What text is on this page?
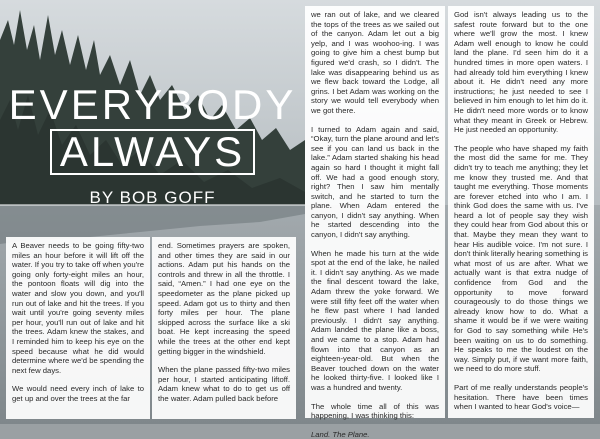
EVERYBODY
ALWAYS
BY BOB GOFF

A Beaver needs to be going fifty-two miles an hour before it will lift off the water. If you try to take off when you're going only forty-eight miles an hour, the pontoon floats will dig into the water and slow you down, and you'll run out of lake and hit the trees. If you wait until you're going seventy miles per hour, you'll run out of lake and hit the trees. Adam knew the stakes, and I reminded him to keep his eye on the speed because what he did would determine where we'd be spending the next few days.

We would need every inch of lake to get up and over the trees at the far

end. Sometimes prayers are spoken, and other times they are said in our actions. Adam put his hands on the controls and threw in all the throttle. I said, “Amen.” I had one eye on the speedometer as the plane picked up speed. Adam got us to thirty and then forty miles per hour. The plane skipped across the surface like a ski boat. He kept increasing the speed while the trees at the other end kept getting bigger in the windshield.

When the plane passed fifty-two miles per hour, I started anticipating liftoff. Adam knew what to do to get us off the water. Adam pulled back before

we ran out of lake, and we cleared the tops of the trees as we sailed out of the canyon. Adam let out a big yelp, and I was woohoo-ing. I was going to give him a chest bump but figured we'd crash, so I didn't. The lake was disappearing behind us as we flew back toward the Lodge, all grins. I bet Adam was working on the story we would tell everybody when we got there.

I turned to Adam again and said, “Okay, turn the plane around and let's see if you can land us back in the lake.” Adam started shaking his head again so hard I thought it might fall off. We had a good enough story, right? Then I saw him mentally switch, and he started to turn the plane. When Adam entered the canyon, I didn't say anything. When he started descending into the canyon, I didn't say anything.

When he made his turn at the wide spot at the end of the lake, he nailed it. I didn't say anything. As we made the final descent toward the lake, Adam threw the yoke forward. We were still fifty feet off the water when he flew past where I had landed previously. I didn't say anything. Adam landed the plane like a boss, and we came to a stop. Adam had flown into that canyon as an eighteen-year-old. But when the Beaver touched down on the water he looked thirty-five. I looked like I was a hundred and twenty.

The whole time all of this was happening, I was thinking this:

Land. The Plane.

God isn't always leading us to the safest route forward but to the one where we'll grow the most. I knew Adam well enough to know he could land the plane. I'd seen him do it a hundred times in more open waters. I had already told him everything I knew about it. He didn't need any more instructions; he just needed to see I believed in him enough to let him do it. He didn't need more words or to know what they meant in Greek or Hebrew. He just needed an opportunity.

The people who have shaped my faith the most did the same for me. They didn't try to teach me anything; they let me know they trusted me. And that taught me everything. Those moments are forever etched into who I am. I think God does the same with us. I've heard a lot of people say they wish they could hear from God about this or that. Maybe they mean they want to hear His audible voice. I'm not sure. I don't think literally hearing something is what most of us are after. What we actually want is that extra nudge of confidence from God and the opportunity to move forward courageously to do those things we already know how to do. What a shame it would be if we were waiting for God to say something while He's been waiting on us to do something. He speaks to me the loudest on the way. Simply put, if we want more faith, we need to do more stuff.

Part of me really understands people's hesitation. There have been times when I wanted to hear God's voice—
